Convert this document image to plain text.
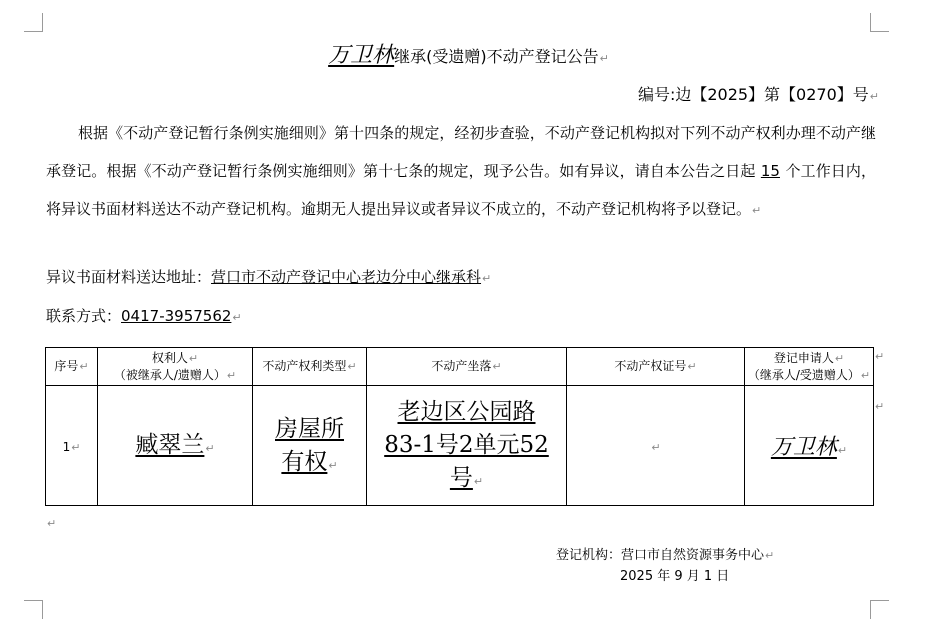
万卫林继承(受遗赠)不动产登记公告↵
编号:边【2025】第【0270】号↵

根据《不动产登记暂行条例实施细则》第十四条的规定，经初步查验，不动产登记机构拟对下列不动产权利办理不动产继承登记。根据《不动产登记暂行条例实施细则》第十七条的规定，现予公告。如有异议，请自本公告之日起 15 个工作日内，将异议书面材料送达不动产登记机构。逾期无人提出异议或者异议不成立的，不动产登记机构将予以登记。↵

异议书面材料送达地址：营口市不动产登记中心老边分中心继承科↵
联系方式：0417-3957562↵
序号↵	权利人↵
（被继承人/遗赠人）↵	不动产权利类型↵	不动产坐落↵	不动产权证号↵	登记申请人↵
（继承人/受遗赠人）↵
1↵	臧翠兰↵	房屋所
有权↵	老边区公园路
83-1号2单元52
号↵	↵	万卫林↵
↵
↵
↵
登记机构：营口市自然资源事务中心↵
2025 年 9 月 1 日
